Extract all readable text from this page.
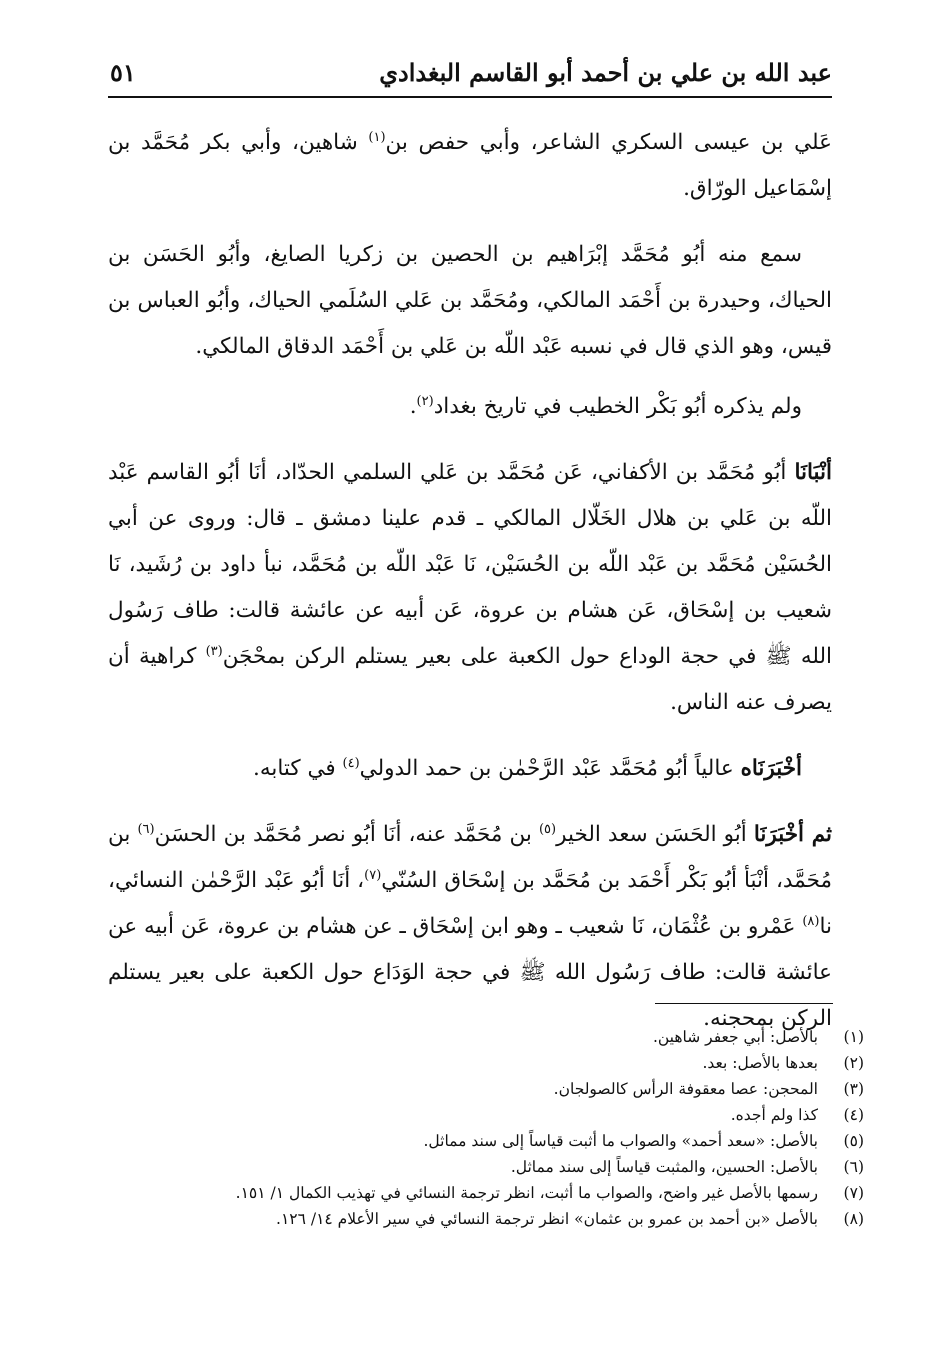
عبد الله بن علي بن أحمد أبو القاسم البغدادي
٥١

عَلي بن عيسى السكري الشاعر، وأبي حفص بن$^{(١)}$ شاهين، وأبي بكر مُحَمَّد بن إسْمَاعيل الورّاق.

سمع منه أبُو مُحَمَّد إبْرَاهيم بن الحصين بن زكريا الصايغ، وأبُو الحَسَن بن الحياك، وحيدرة بن أَحْمَد المالكي، ومُحَمَّد بن عَلي السُلَمي الحياك، وأبُو العباس بن قيس، وهو الذي قال في نسبه عَبْد اللّه بن عَلي بن أَحْمَد الدقاق المالكي.

ولم يذكره أبُو بَكْر الخطيب في تاريخ بغداد$^{(٢)}$.

أنْبَانَا أبُو مُحَمَّد بن الأكفاني، عَن مُحَمَّد بن عَلي السلمي الحدّاد، أنَا أبُو القاسم عَبْد اللّه بن عَلي بن هلال الخَلّال المالكي ـ قدم علينا دمشق ـ قال: وروى عن أبي الحُسَيْن مُحَمَّد بن عَبْد اللّه بن الحُسَيْن، نَا عَبْد اللّه بن مُحَمَّد، نبأ داود بن رُشَيد، نَا شعيب بن إسْحَاق، عَن هشام بن عروة، عَن أبيه عن عائشة قالت: طاف رَسُول الله ﷺ في حجة الوداع حول الكعبة على بعير يستلم الركن بمحْجَن$^{(٣)}$ كراهية أن يصرف عنه الناس.

أخْبَرَنَاه عالياً أبُو مُحَمَّد عَبْد الرَّحْمٰن بن حمد الدولي$^{(٤)}$ في كتابه.

ثم أخْبَرَنَا أبُو الحَسَن سعد الخير$^{(٥)}$ بن مُحَمَّد عنه، أنَا أبُو نصر مُحَمَّد بن الحسَن$^{(٦)}$ بن مُحَمَّد، أنْبَأ أبُو بَكْر أَحْمَد بن مُحَمَّد بن إسْحَاق السُنّي$^{(٧)}$، أنَا أبُو عَبْد الرَّحْمٰن النسائي، نا$^{(٨)}$ عَمْرو بن عُثْمَان، نَا شعيب ـ وهو ابن إسْحَاق ـ عن هشام بن عروة، عَن أبيه عن عائشة قالت: طاف رَسُول الله ﷺ في حجة الوَدَاع حول الكعبة على بعير يستلم الركن بمحجنه.

(١)
بالأصل: أبي جعفر شاهين.
(٢)
بعدها بالأصل: بعد.
(٣)
المحجن: عصا معقوفة الرأس كالصولجان.
(٤)
كذا ولم أجده.
(٥)
بالأصل: «سعد أحمد» والصواب ما أثبت قياساً إلى سند مماثل.
(٦)
بالأصل: الحسين، والمثبت قياساً إلى سند مماثل.
(٧)
رسمها بالأصل غير واضح، والصواب ما أثبت، انظر ترجمة النسائي في تهذيب الكمال ١/ ١٥١.
(٨)
بالأصل «بن أحمد بن عمرو بن عثمان» انظر ترجمة النسائي في سير الأعلام ١٤/ ١٢٦.
